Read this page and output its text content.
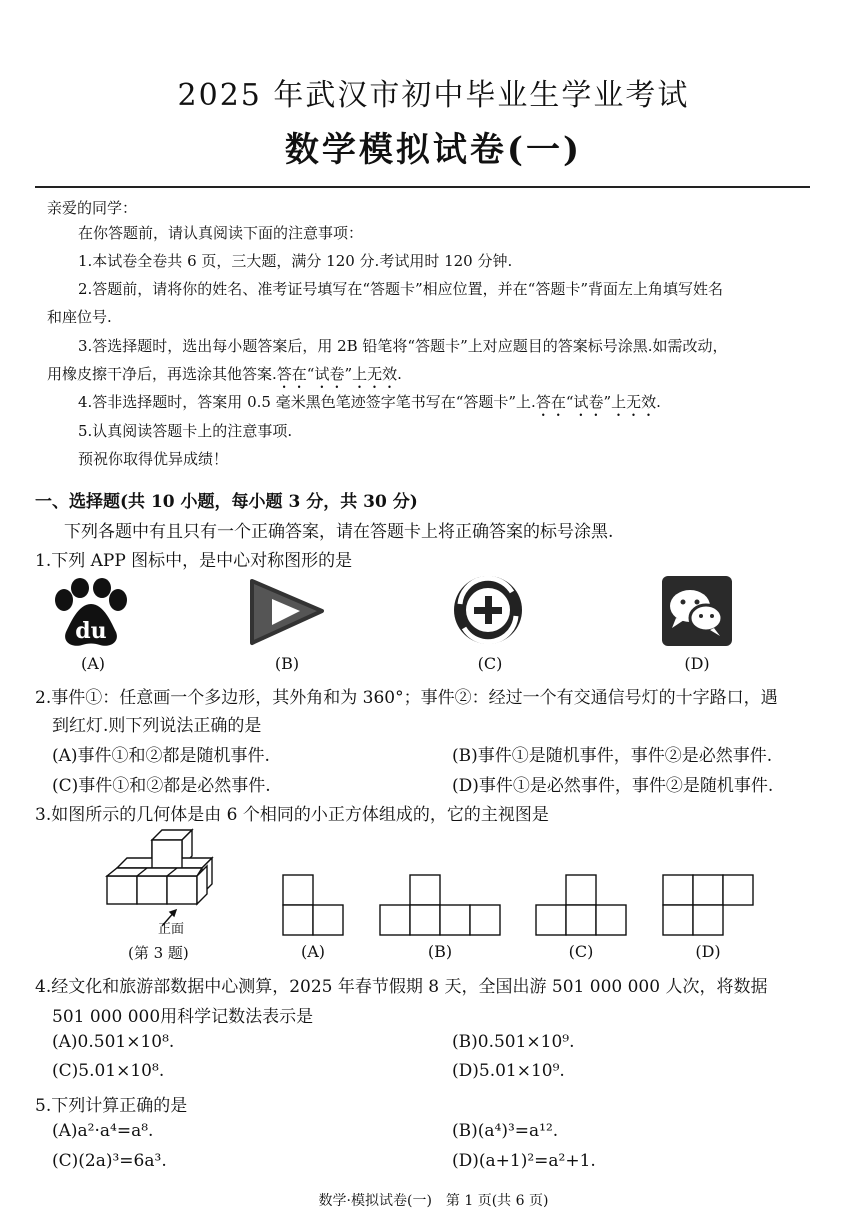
2025 年武汉市初中毕业生学业考试
数学模拟试卷(一)
亲爱的同学：
在你答题前，请认真阅读下面的注意事项：
1.本试卷全卷共 6 页，三大题，满分 120 分.考试用时 120 分钟.
2.答题前，请将你的姓名、准考证号填写在“答题卡”相应位置，并在“答题卡”背面左上角填写姓名
和座位号.
3.答选择题时，选出每小题答案后，用 2B 铅笔将“答题卡”上对应题目的答案标号涂黑.如需改动，
用橡皮擦干净后，再选涂其他答案.答在“试卷”上无效.
4.答非选择题时，答案用 0.5 毫米黑色笔迹签字笔书写在“答题卡”上.答在“试卷”上无效.
5.认真阅读答题卡上的注意事项.
预祝你取得优异成绩！
一、选择题(共 10 小题，每小题 3 分，共 30 分)
下列各题中有且只有一个正确答案，请在答题卡上将正确答案的标号涂黑.
1.下列 APP 图标中，是中心对称图形的是
du
(A)	(B)	(C)	(D)
2.事件①：任意画一个多边形，其外角和为 360°；事件②：经过一个有交通信号灯的十字路口，遇
到红灯.则下列说法正确的是
(A)事件①和②都是随机事件.	(B)事件①是随机事件，事件②是必然事件.
(C)事件①和②都是必然事件.	(D)事件①是必然事件，事件②是随机事件.
3.如图所示的几何体是由 6 个相同的小正方体组成的，它的主视图是
正面
(第 3 题)	(A)	(B)	(C)	(D)
4.经文化和旅游部数据中心测算，2025 年春节假期 8 天，全国出游 501 000 000 人次，将数据
501 000 000用科学记数法表示是
(A)0.501×10⁸.	(B)0.501×10⁹.
(C)5.01×10⁸.	(D)5.01×10⁹.
5.下列计算正确的是
(A)a²·a⁴=a⁸.	(B)(a⁴)³=a¹².
(C)(2a)³=6a³.	(D)(a+1)²=a²+1.
数学·模拟试卷(一)　第 1 页(共 6 页)
